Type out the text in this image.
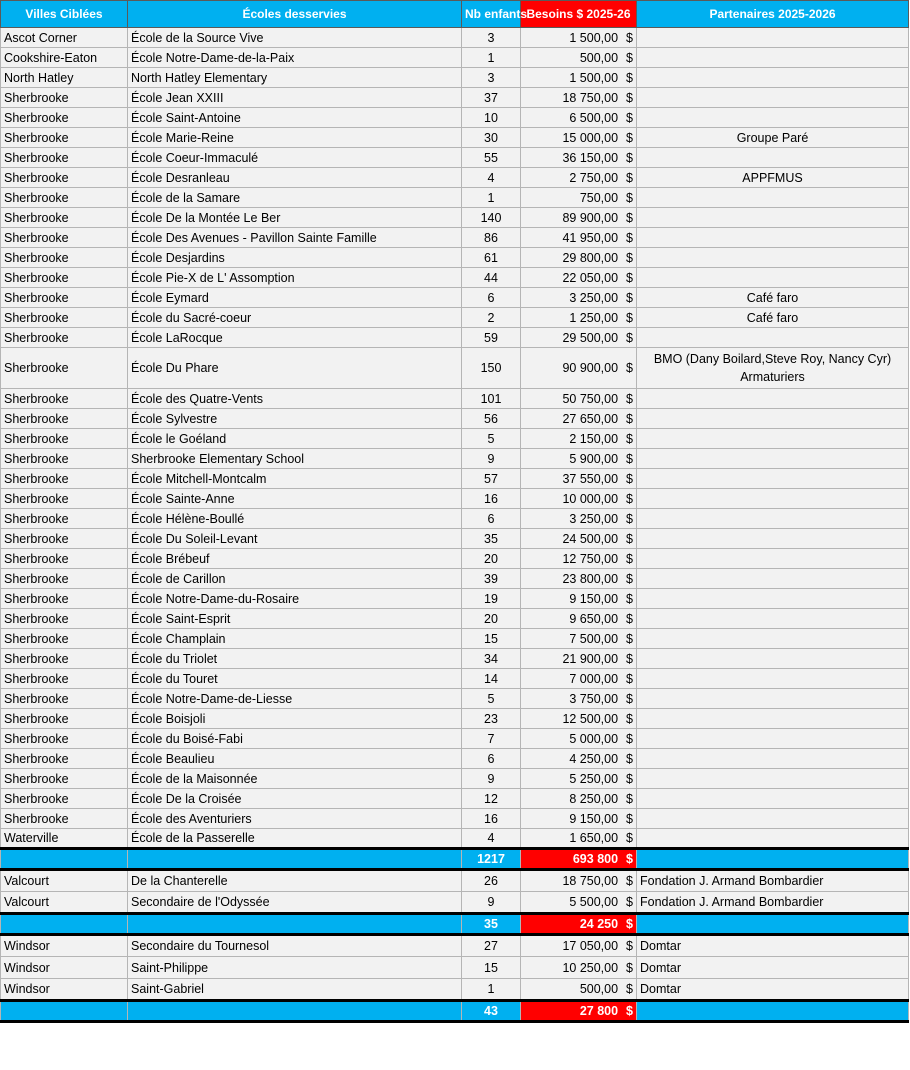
Villes Ciblées	Écoles desservies	Nb enfants	Besoins $ 2025-26	Partenaires 2025-2026
Ascot Corner	École de la Source Vive	3	1 500,00 $	

Cookshire-Eaton	École Notre-Dame-de-la-Paix	1	500,00 $	

North Hatley	North Hatley Elementary	3	1 500,00 $	

Sherbrooke	École Jean XXIII	37	18 750,00 $	

Sherbrooke	École Saint-Antoine	10	6 500,00 $	

Sherbrooke	École Marie-Reine	30	15 000,00 $	Groupe Paré
Sherbrooke	École Coeur-Immaculé	55	36 150,00 $	

Sherbrooke	École Desranleau	4	2 750,00 $	APPFMUS
Sherbrooke	École de la Samare	1	750,00 $	

Sherbrooke	École De la Montée Le Ber	140	89 900,00 $	

Sherbrooke	École Des Avenues - Pavillon Sainte Famille	86	41 950,00 $	

Sherbrooke	École Desjardins	61	29 800,00 $	

Sherbrooke	École Pie-X de L' Assomption	44	22 050,00 $	

Sherbrooke	École Eymard	6	3 250,00 $	Café faro
Sherbrooke	École du Sacré-coeur	2	1 250,00 $	Café faro
Sherbrooke	École LaRocque	59	29 500,00 $	

Sherbrooke	École Du Phare	150	90 900,00 $	BMO (Dany Boilard,Steve Roy, Nancy Cyr) Armaturiers
Sherbrooke	École des Quatre-Vents	101	50 750,00 $	

Sherbrooke	École Sylvestre	56	27 650,00 $	

Sherbrooke	École le Goéland	5	2 150,00 $	

Sherbrooke	Sherbrooke Elementary School	9	5 900,00 $	

Sherbrooke	École Mitchell-Montcalm	57	37 550,00 $	

Sherbrooke	École Sainte-Anne	16	10 000,00 $	

Sherbrooke	École Hélène-Boullé	6	3 250,00 $	

Sherbrooke	École Du Soleil-Levant	35	24 500,00 $	

Sherbrooke	École Brébeuf	20	12 750,00 $	

Sherbrooke	École de Carillon	39	23 800,00 $	

Sherbrooke	École Notre-Dame-du-Rosaire	19	9 150,00 $	

Sherbrooke	École Saint-Esprit	20	9 650,00 $	

Sherbrooke	École Champlain	15	7 500,00 $	

Sherbrooke	École du Triolet	34	21 900,00 $	

Sherbrooke	École du Touret	14	7 000,00 $	

Sherbrooke	École Notre-Dame-de-Liesse	5	3 750,00 $	

Sherbrooke	École Boisjoli	23	12 500,00 $	

Sherbrooke	École du Boisé-Fabi	7	5 000,00 $	

Sherbrooke	École Beaulieu	6	4 250,00 $	

Sherbrooke	École de la Maisonnée	9	5 250,00 $	

Sherbrooke	École De la Croisée	12	8 250,00 $	

Sherbrooke	École des Aventuriers	16	9 150,00 $	

Waterville	École de la Passerelle	4	1 650,00 $	

		1217	693 800 $	

Valcourt	De la Chanterelle	26	18 750,00 $	Fondation J. Armand Bombardier
Valcourt	Secondaire de l'Odyssée	9	5 500,00 $	Fondation J. Armand Bombardier
		35	24 250 $	

Windsor	Secondaire du Tournesol	27	17 050,00 $	Domtar
Windsor	Saint-Philippe	15	10 250,00 $	Domtar
Windsor	Saint-Gabriel	1	500,00 $	Domtar
		43	27 800 $	
